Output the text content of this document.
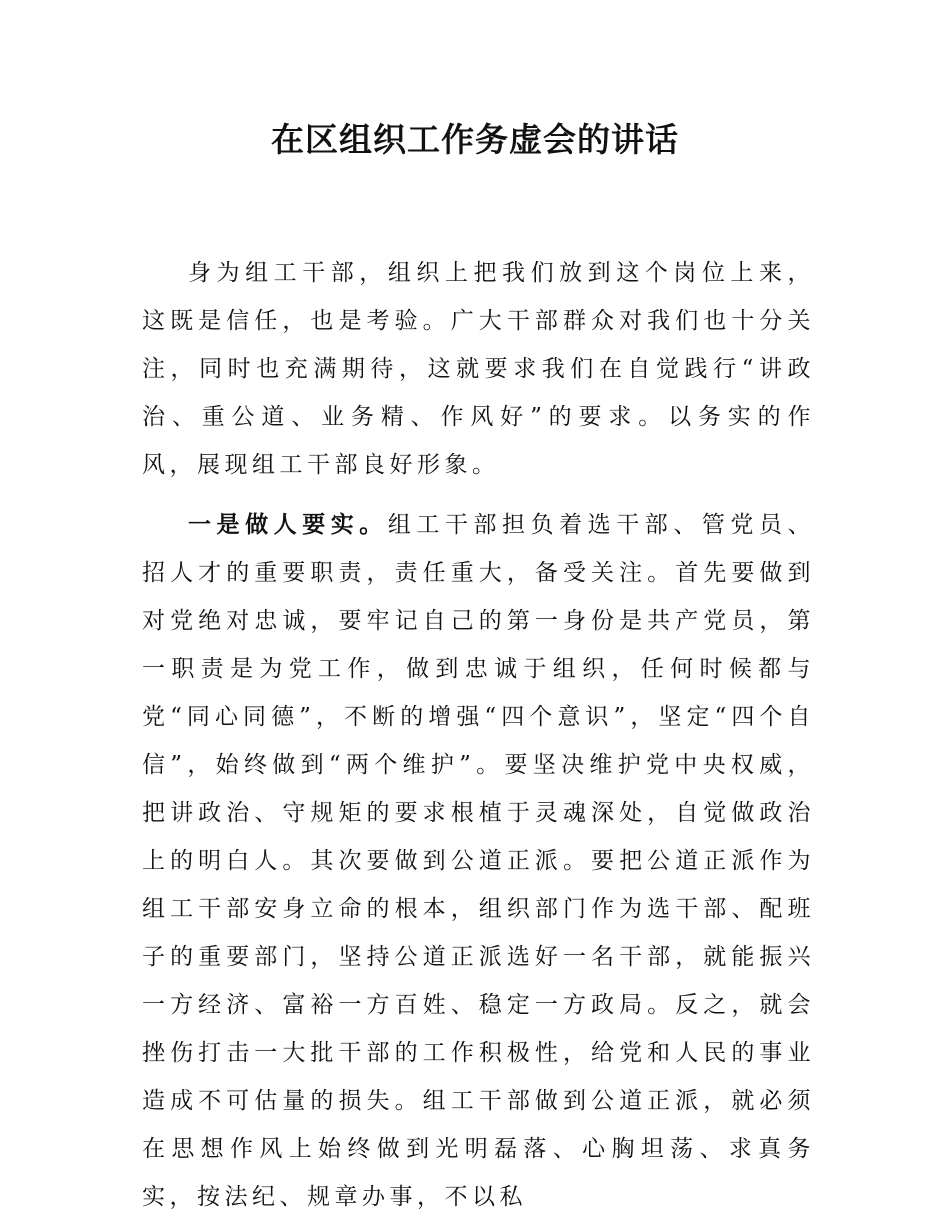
在区组织工作务虚会的讲话

身为组工干部，组织上把我们放到这个岗位上来，这既是信任，也是考验。广大干部群众对我们也十分关注，同时也充满期待，这就要求我们在自觉践行“讲政治、重公道、业务精、作风好”的要求。以务实的作风，展现组工干部良好形象。

一是做人要实。组工干部担负着选干部、管党员、招人才的重要职责，责任重大，备受关注。首先要做到对党绝对忠诚，要牢记自己的第一身份是共产党员，第一职责是为党工作，做到忠诚于组织，任何时候都与党“同心同德”，不断的增强“四个意识”，坚定“四个自信”，始终做到“两个维护”。要坚决维护党中央权威，把讲政治、守规矩的要求根植于灵魂深处，自觉做政治上的明白人。其次要做到公道正派。要把公道正派作为组工干部安身立命的根本，组织部门作为选干部、配班子的重要部门，坚持公道正派选好一名干部，就能振兴一方经济、富裕一方百姓、稳定一方政局。反之，就会挫伤打击一大批干部的工作积极性，给党和人民的事业造成不可估量的损失。组工干部做到公道正派，就必须在思想作风上始终做到光明磊落、心胸坦荡、求真务实，按法纪、规章办事，不以私
